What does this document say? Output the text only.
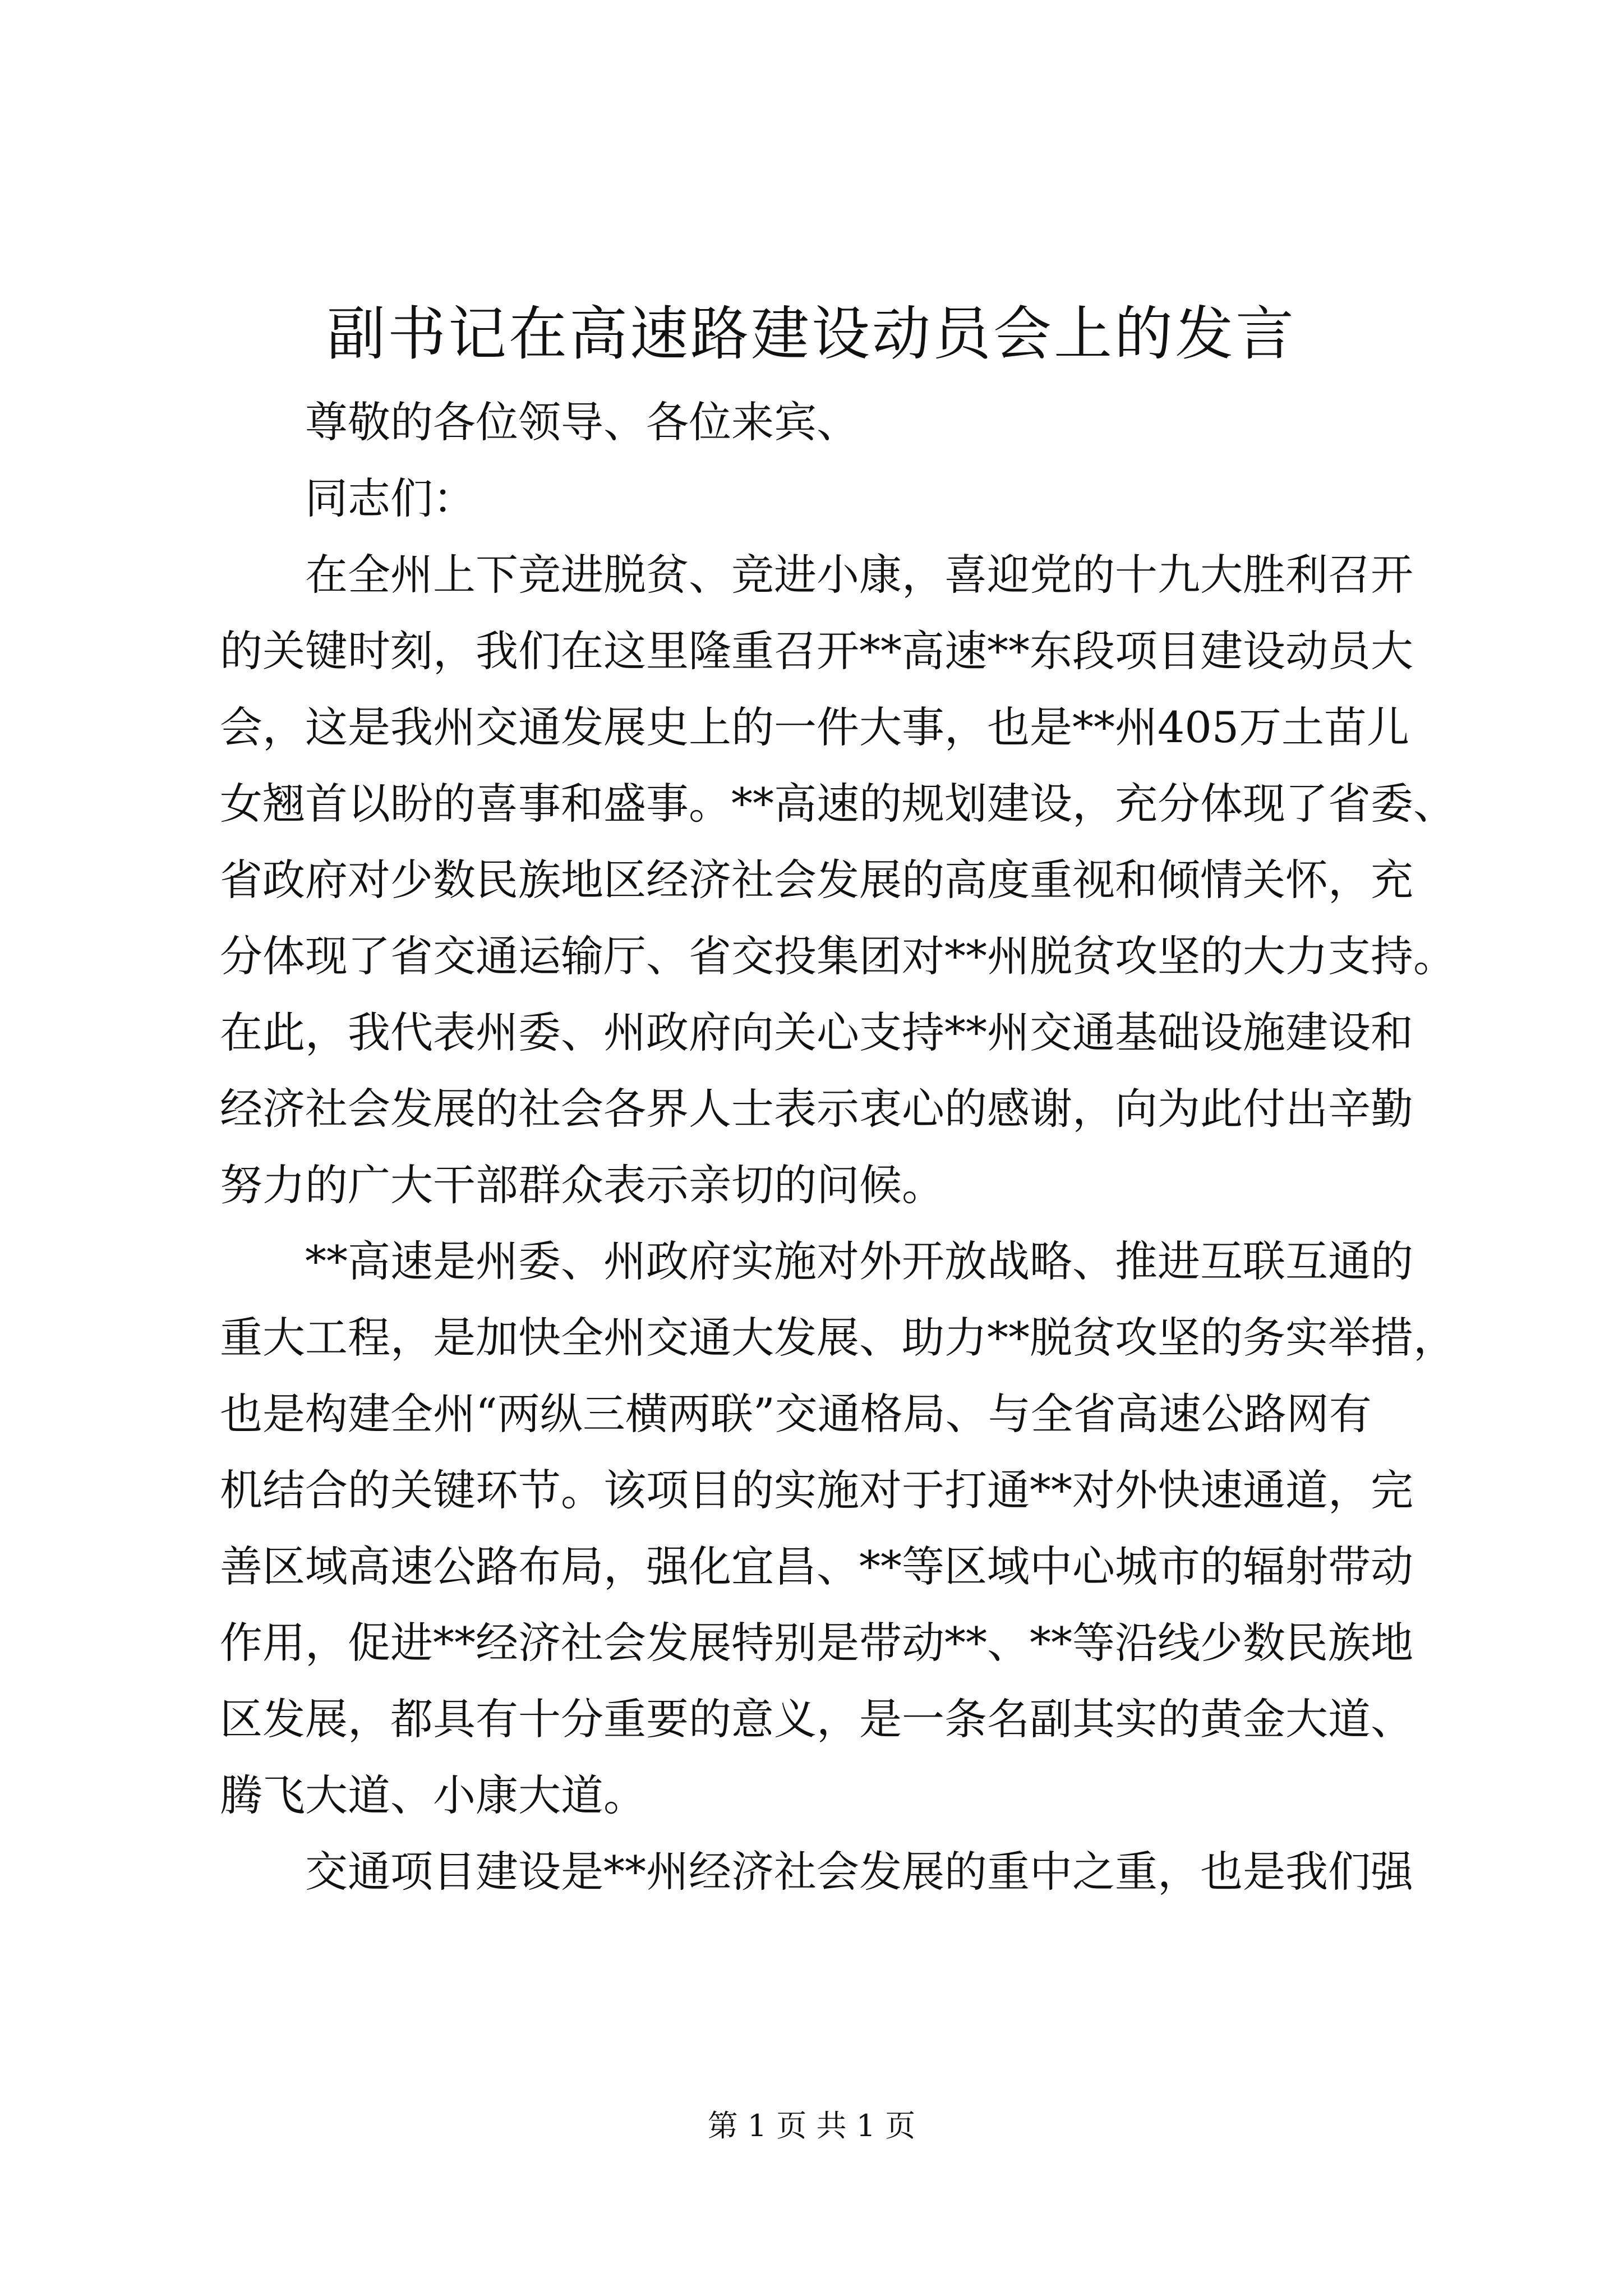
副书记在高速路建设动员会上的发言

尊敬的各位领导、各位来宾、

同志们：

在全州上下竞进脱贫、竞进小康，喜迎党的十九大胜利召开

的关键时刻，我们在这里隆重召开**高速**东段项目建设动员大

会，这是我州交通发展史上的一件大事，也是**州405万土苗儿

女翘首以盼的喜事和盛事。**高速的规划建设，充分体现了省委、

省政府对少数民族地区经济社会发展的高度重视和倾情关怀，充

分体现了省交通运输厅、省交投集团对**州脱贫攻坚的大力支持。

在此，我代表州委、州政府向关心支持**州交通基础设施建设和

经济社会发展的社会各界人士表示衷心的感谢，向为此付出辛勤

努力的广大干部群众表示亲切的问候。

**高速是州委、州政府实施对外开放战略、推进互联互通的

重大工程，是加快全州交通大发展、助力**脱贫攻坚的务实举措，

也是构建全州“两纵三横两联”交通格局、与全省高速公路网有

机结合的关键环节。该项目的实施对于打通**对外快速通道，完

善区域高速公路布局，强化宜昌、**等区域中心城市的辐射带动

作用，促进**经济社会发展特别是带动**、**等沿线少数民族地

区发展，都具有十分重要的意义，是一条名副其实的黄金大道、

腾飞大道、小康大道。

交通项目建设是**州经济社会发展的重中之重，也是我们强

第 1 页 共 1 页
